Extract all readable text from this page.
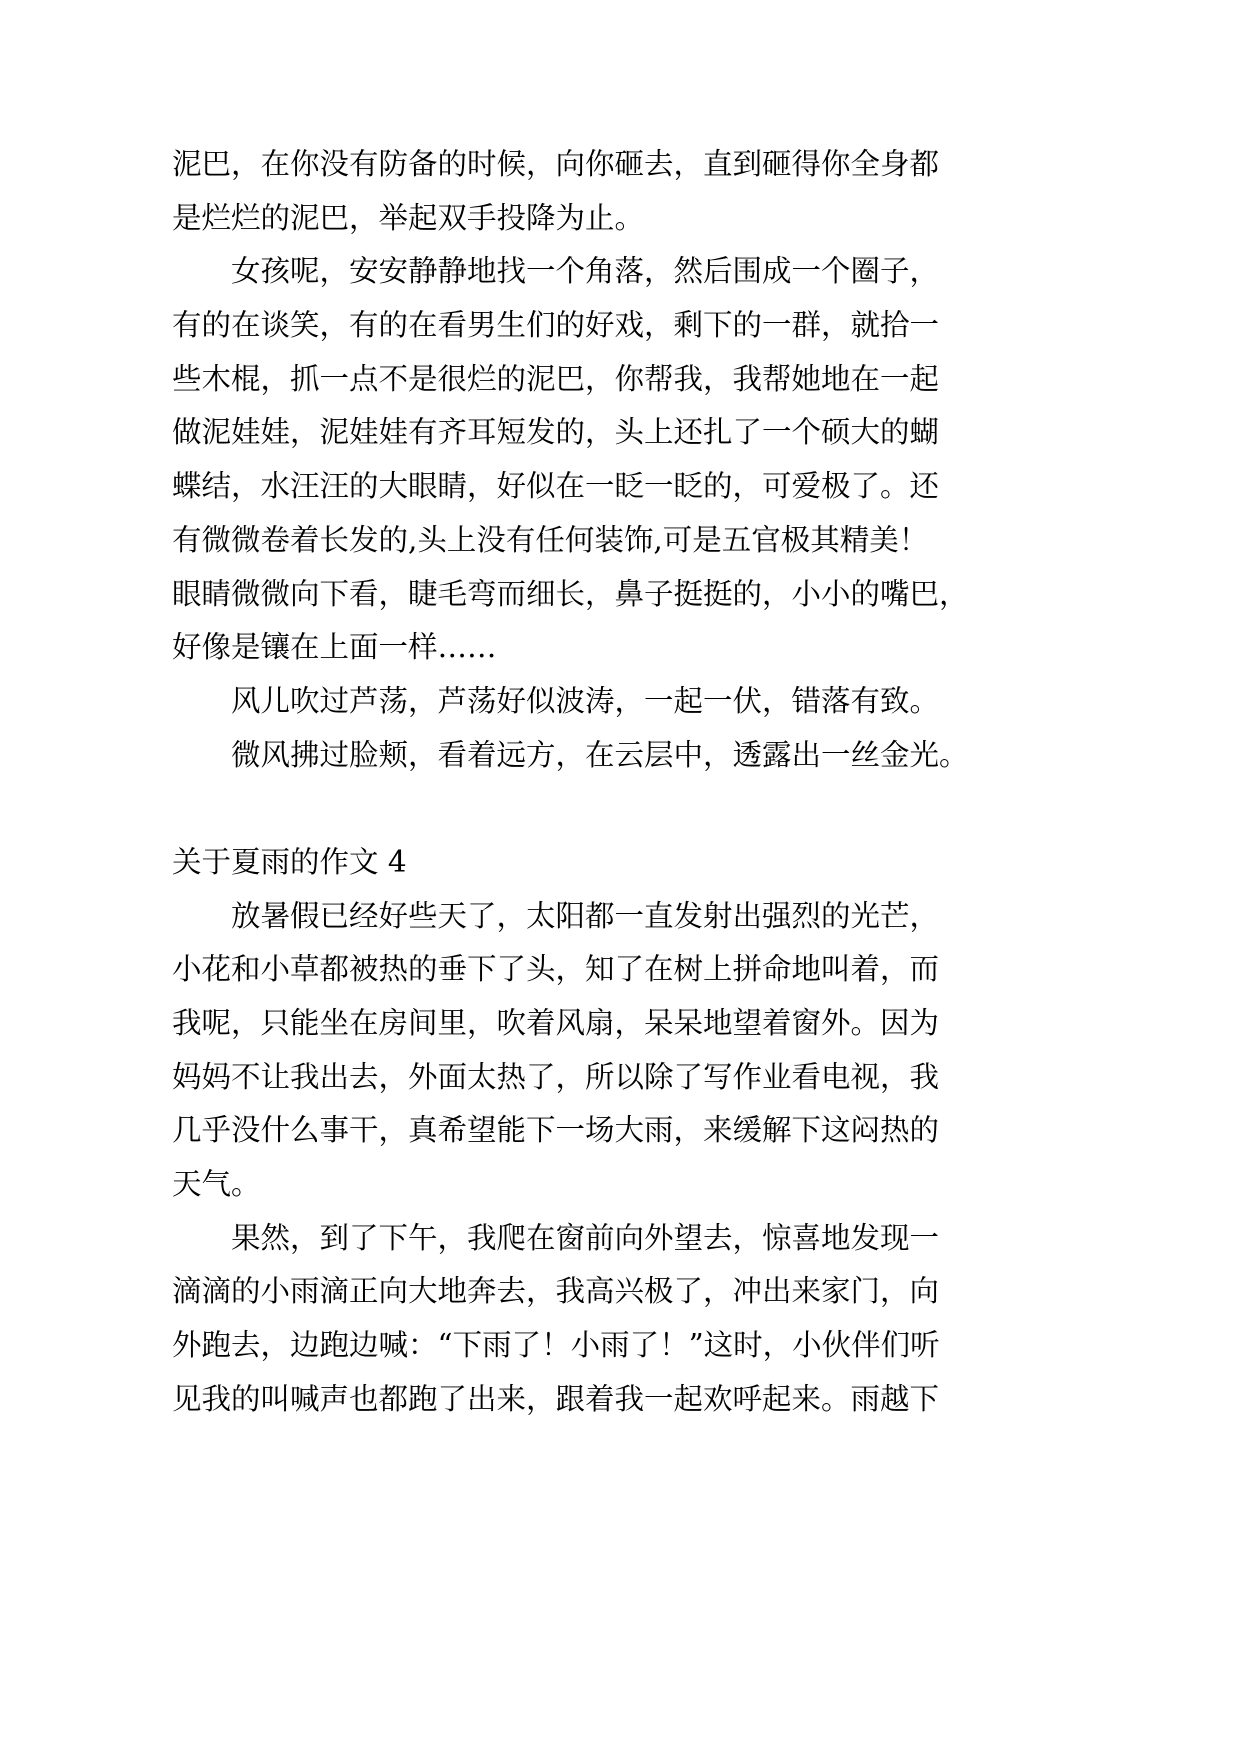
泥巴，在你没有防备的时候，向你砸去，直到砸得你全身都
是烂烂的泥巴，举起双手投降为止。
女孩呢，安安静静地找一个角落，然后围成一个圈子，
有的在谈笑，有的在看男生们的好戏，剩下的一群，就拾一
些木棍，抓一点不是很烂的泥巴，你帮我，我帮她地在一起
做泥娃娃，泥娃娃有齐耳短发的，头上还扎了一个硕大的蝴
蝶结，水汪汪的大眼睛，好似在一眨一眨的，可爱极了。还
有微微卷着长发的,头上没有任何装饰,可是五官极其精美！
眼睛微微向下看，睫毛弯而细长，鼻子挺挺的，小小的嘴巴，
好像是镶在上面一样……
风儿吹过芦荡，芦荡好似波涛，一起一伏，错落有致。
微风拂过脸颊，看着远方，在云层中，透露出一丝金光。
关于夏雨的作文 4
放暑假已经好些天了，太阳都一直发射出强烈的光芒，
小花和小草都被热的垂下了头，知了在树上拼命地叫着，而
我呢，只能坐在房间里，吹着风扇，呆呆地望着窗外。因为
妈妈不让我出去，外面太热了，所以除了写作业看电视，我
几乎没什么事干，真希望能下一场大雨，来缓解下这闷热的
天气。
果然，到了下午，我爬在窗前向外望去，惊喜地发现一
滴滴的小雨滴正向大地奔去，我高兴极了，冲出来家门，向
外跑去，边跑边喊：“下雨了！小雨了！”这时，小伙伴们听
见我的叫喊声也都跑了出来，跟着我一起欢呼起来。雨越下
